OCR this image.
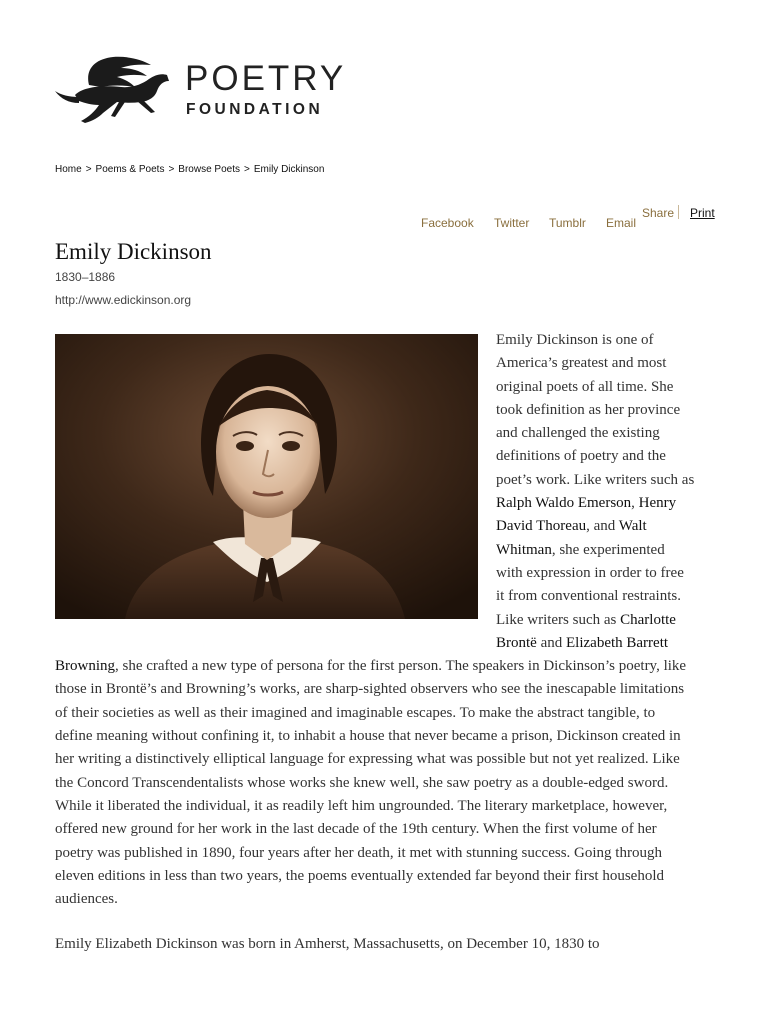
POETRY
FOUNDATION
Home > Poems & Poets > Browse Poets > Emily Dickinson
Facebook Twitter Tumblr Email
Share Print
Emily Dickinson
1830–1886
http://www.edickinson.org

Emily Dickinson is one of America’s greatest and most original poets of all time. She took definition as her province and challenged the existing definitions of poetry and the poet’s work. Like writers such as Ralph Waldo Emerson, Henry David Thoreau, and Walt Whitman, she experimented with expression in order to free it from conventional restraints. Like writers such as Charlotte Brontë and Elizabeth Barrett Browning, she crafted a new type of persona for the first person. The speakers in Dickinson’s poetry, like those in Brontë’s and Browning’s works, are sharp-sighted observers who see the inescapable limitations of their societies as well as their imagined and imaginable escapes. To make the abstract tangible, to define meaning without confining it, to inhabit a house that never became a prison, Dickinson created in her writing a distinctively elliptical language for expressing what was possible but not yet realized. Like the Concord Transcendentalists whose works she knew well, she saw poetry as a double-edged sword. While it liberated the individual, it as readily left him ungrounded. The literary marketplace, however, offered new ground for her work in the last decade of the 19th century. When the first volume of her poetry was published in 1890, four years after her death, it met with stunning success. Going through eleven editions in less than two years, the poems eventually extended far beyond their first household audiences.

Emily Elizabeth Dickinson was born in Amherst, Massachusetts, on December 10, 1830 to
